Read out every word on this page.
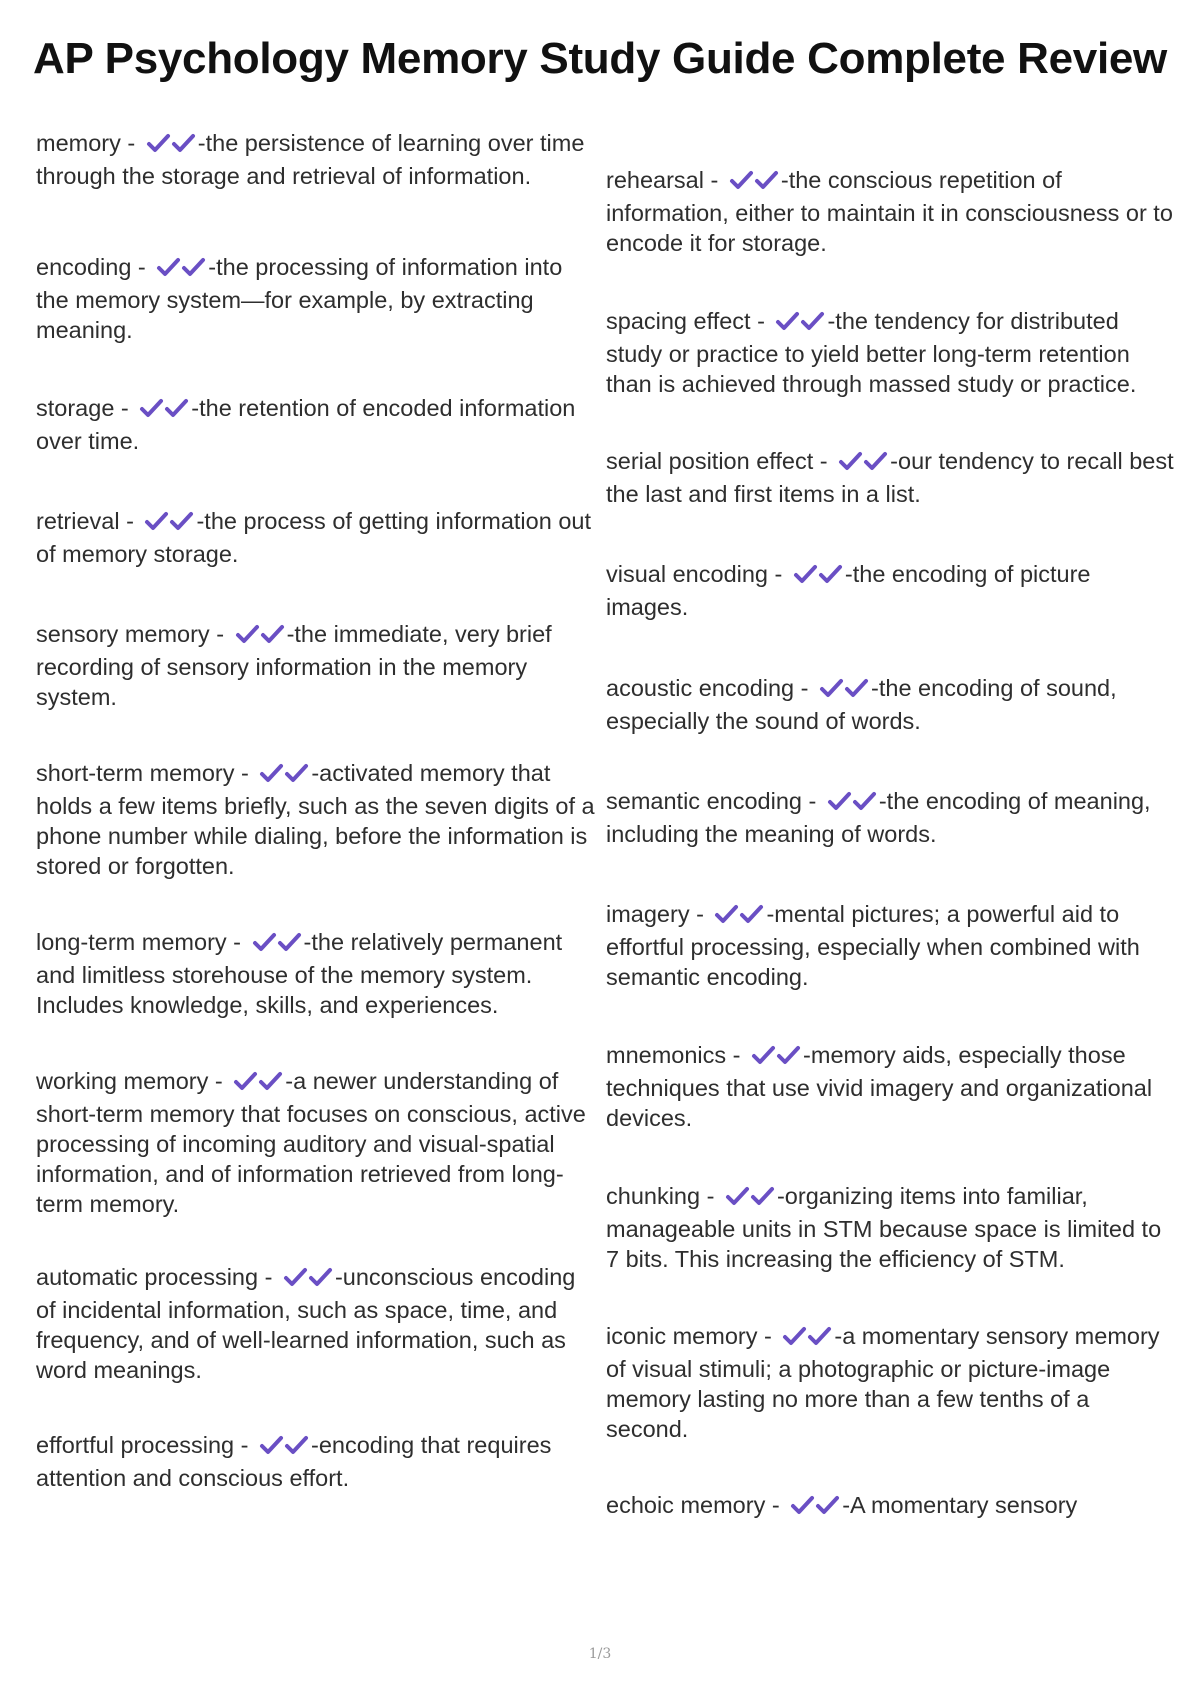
AP Psychology Memory Study Guide Complete Review
memory - -the persistence of learning over time through the storage and retrieval of information.
encoding - -the processing of information into the memory system—for example, by extracting meaning.
storage - -the retention of encoded information over time.
retrieval - -the process of getting information out of memory storage.
sensory memory - -the immediate, very brief recording of sensory information in the memory system.
short-term memory - -activated memory that holds a few items briefly, such as the seven digits of a phone number while dialing, before the information is stored or forgotten.
long-term memory - -the relatively permanent and limitless storehouse of the memory system. Includes knowledge, skills, and experiences.
working memory - -a newer understanding of short-term memory that focuses on conscious, active processing of incoming auditory and visual-spatial information, and of information retrieved from long-term memory.
automatic processing - -unconscious encoding of incidental information, such as space, time, and frequency, and of well-learned information, such as word meanings.
effortful processing - -encoding that requires attention and conscious effort.
rehearsal - -the conscious repetition of information, either to maintain it in consciousness or to encode it for storage.
spacing effect - -the tendency for distributed study or practice to yield better long-term retention than is achieved through massed study or practice.
serial position effect - -our tendency to recall best the last and first items in a list.
visual encoding - -the encoding of picture images.
acoustic encoding - -the encoding of sound, especially the sound of words.
semantic encoding - -the encoding of meaning, including the meaning of words.
imagery - -mental pictures; a powerful aid to effortful processing, especially when combined with semantic encoding.
mnemonics - -memory aids, especially those techniques that use vivid imagery and organizational devices.
chunking - -organizing items into familiar, manageable units in STM because space is limited to 7 bits. This increasing the efficiency of STM.
iconic memory - -a momentary sensory memory of visual stimuli; a photographic or picture-image memory lasting no more than a few tenths of a second.
echoic memory - -A momentary sensory
1/3
